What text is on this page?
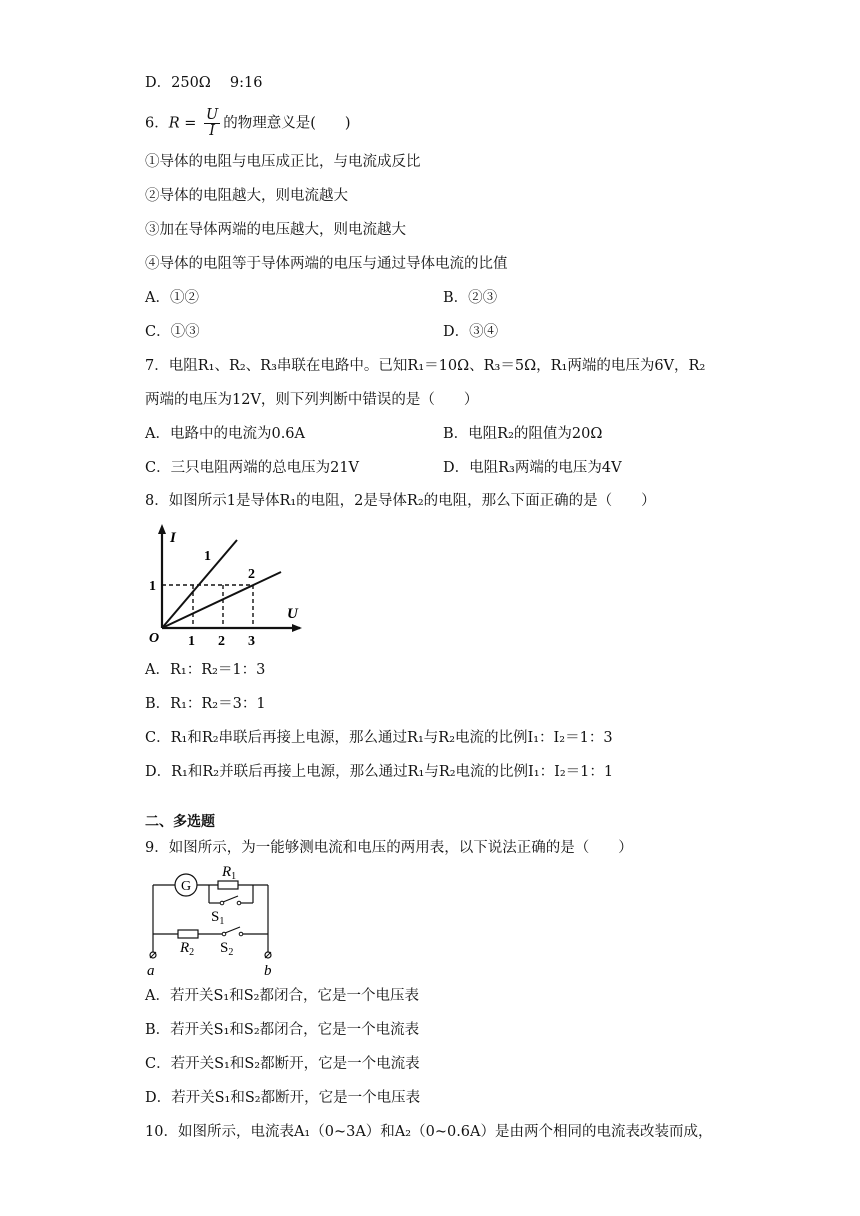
D．250Ω　 9:16
6．$R = \frac{U}{I}$ 的物理意义是(　　)
①导体的电阻与电压成正比，与电流成反比
②导体的电阻越大，则电流越大
③加在导体两端的电压越大，则电流越大
④导体的电阻等于导体两端的电压与通过导体电流的比值
A．①②	B．②③
C．①③	D．③④
7．电阻R₁、R₂、R₃串联在电路中。已知R₁＝10Ω、R₃＝5Ω，R₁两端的电压为6V，R₂
两端的电压为12V，则下列判断中错误的是（　　）
A．电路中的电流为0.6A	B．电阻R₂的阻值为20Ω
C．三只电阻两端的总电压为21V	D．电阻R₃两端的电压为4V
8．如图所示1是导体R₁的电阻，2是导体R₂的电阻，那么下面正确的是（　　）
I
U
O
1
2
1
1 2 3
A．R₁：R₂＝1：3
B．R₁：R₂＝3：1
C．R₁和R₂串联后再接上电源，那么通过R₁与R₂电流的比例I₁：I₂＝1：3
D．R₁和R₂并联后再接上电源，那么通过R₁与R₂电流的比例I₁：I₂＝1：1
二、多选题
9．如图所示，为一能够测电流和电压的两用表，以下说法正确的是（　　）
G
$R_1$
$S_1$
$R_2$ $S_2$
a	b
A．若开关S₁和S₂都闭合，它是一个电压表
B．若开关S₁和S₂都闭合，它是一个电流表
C．若开关S₁和S₂都断开，它是一个电流表
D．若开关S₁和S₂都断开，它是一个电压表
10．如图所示，电流表A₁（0~3A）和A₂（0~0.6A）是由两个相同的电流表改装而成，
